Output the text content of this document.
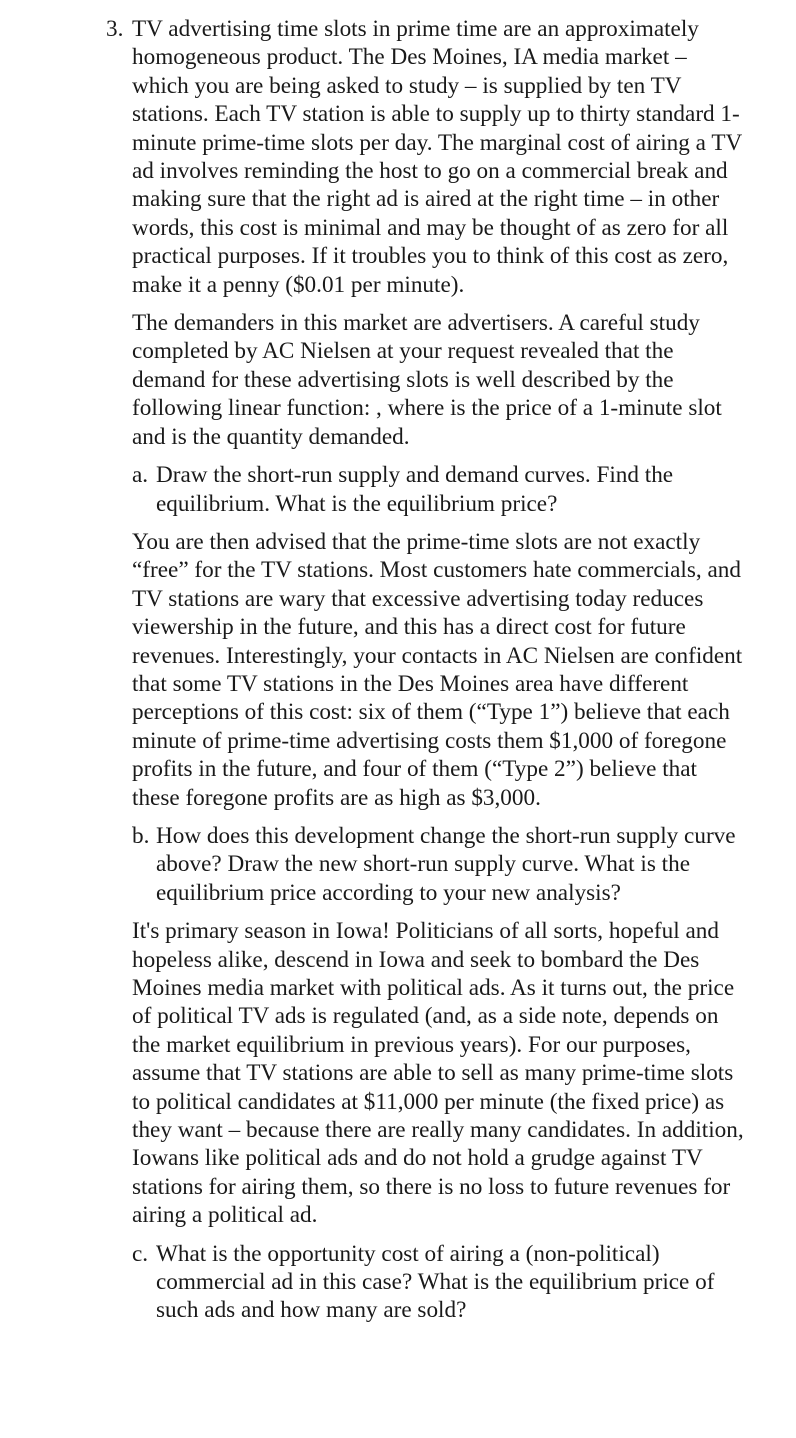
3. TV advertising time slots in prime time are an approximately homogeneous product. The Des Moines, IA media market – which you are being asked to study – is supplied by ten TV stations. Each TV station is able to supply up to thirty standard 1-minute prime-time slots per day. The marginal cost of airing a TV ad involves reminding the host to go on a commercial break and making sure that the right ad is aired at the right time – in other words, this cost is minimal and may be thought of as zero for all practical purposes. If it troubles you to think of this cost as zero, make it a penny ($0.01 per minute).

The demanders in this market are advertisers. A careful study completed by AC Nielsen at your request revealed that the demand for these advertising slots is well described by the following linear function: , where is the price of a 1-minute slot and is the quantity demanded.

a. Draw the short-run supply and demand curves. Find the equilibrium. What is the equilibrium price?

You are then advised that the prime-time slots are not exactly “free” for the TV stations. Most customers hate commercials, and TV stations are wary that excessive advertising today reduces viewership in the future, and this has a direct cost for future revenues. Interestingly, your contacts in AC Nielsen are confident that some TV stations in the Des Moines area have different perceptions of this cost: six of them (“Type 1”) believe that each minute of prime-time advertising costs them $1,000 of foregone profits in the future, and four of them (“Type 2”) believe that these foregone profits are as high as $3,000.

b. How does this development change the short-run supply curve above? Draw the new short-run supply curve. What is the equilibrium price according to your new analysis?

It's primary season in Iowa! Politicians of all sorts, hopeful and hopeless alike, descend in Iowa and seek to bombard the Des Moines media market with political ads. As it turns out, the price of political TV ads is regulated (and, as a side note, depends on the market equilibrium in previous years). For our purposes, assume that TV stations are able to sell as many prime-time slots to political candidates at $11,000 per minute (the fixed price) as they want – because there are really many candidates. In addition, Iowans like political ads and do not hold a grudge against TV stations for airing them, so there is no loss to future revenues for airing a political ad.

c. What is the opportunity cost of airing a (non-political) commercial ad in this case? What is the equilibrium price of such ads and how many are sold?
